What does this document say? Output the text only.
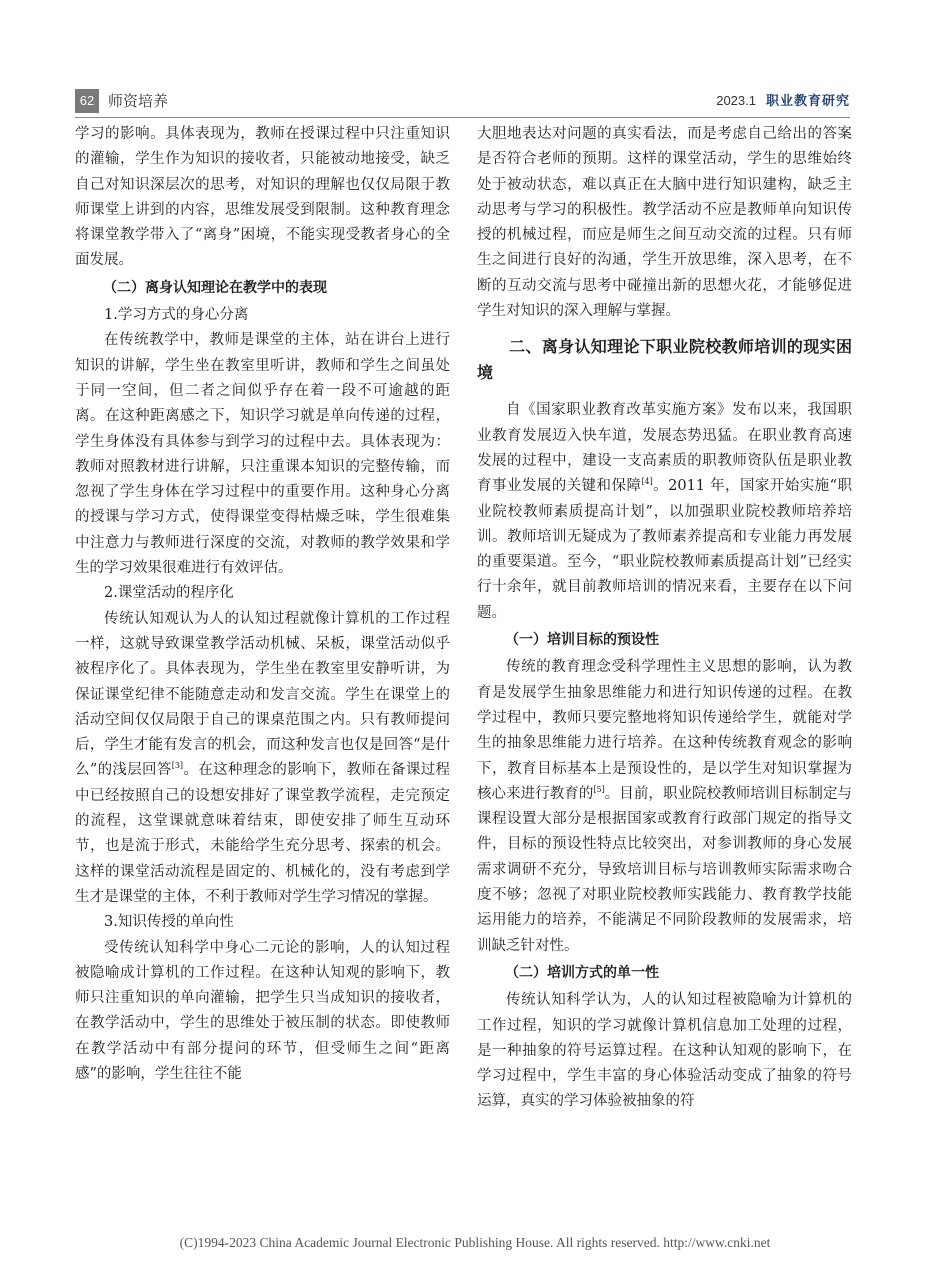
62 师资培养	2023.1 职业教育研究

学习的影响。具体表现为，教师在授课过程中只注重知识的灌输，学生作为知识的接收者，只能被动地接受，缺乏自己对知识深层次的思考，对知识的理解也仅仅局限于教师课堂上讲到的内容，思维发展受到限制。这种教育理念将课堂教学带入了“离身”困境，不能实现受教者身心的全面发展。

（二）离身认知理论在教学中的表现
1.学习方式的身心分离

在传统教学中，教师是课堂的主体，站在讲台上进行知识的讲解，学生坐在教室里听讲，教师和学生之间虽处于同一空间，但二者之间似乎存在着一段不可逾越的距离。在这种距离感之下，知识学习就是单向传递的过程，学生身体没有具体参与到学习的过程中去。具体表现为：教师对照教材进行讲解，只注重课本知识的完整传输，而忽视了学生身体在学习过程中的重要作用。这种身心分离的授课与学习方式，使得课堂变得枯燥乏味，学生很难集中注意力与教师进行深度的交流，对教师的教学效果和学生的学习效果很难进行有效评估。

2.课堂活动的程序化

传统认知观认为人的认知过程就像计算机的工作过程一样，这就导致课堂教学活动机械、呆板，课堂活动似乎被程序化了。具体表现为，学生坐在教室里安静听讲，为保证课堂纪律不能随意走动和发言交流。学生在课堂上的活动空间仅仅局限于自己的课桌范围之内。只有教师提问后，学生才能有发言的机会，而这种发言也仅是回答“是什么”的浅层回答[3]。在这种理念的影响下，教师在备课过程中已经按照自己的设想安排好了课堂教学流程，走完预定的流程，这堂课就意味着结束，即使安排了师生互动环节，也是流于形式，未能给学生充分思考、探索的机会。这样的课堂活动流程是固定的、机械化的，没有考虑到学生才是课堂的主体，不利于教师对学生学习情况的掌握。

3.知识传授的单向性

受传统认知科学中身心二元论的影响，人的认知过程被隐喻成计算机的工作过程。在这种认知观的影响下，教师只注重知识的单向灌输，把学生只当成知识的接收者，在教学活动中，学生的思维处于被压制的状态。即使教师在教学活动中有部分提问的环节，但受师生之间“距离感”的影响，学生往往不能

大胆地表达对问题的真实看法，而是考虑自己给出的答案是否符合老师的预期。这样的课堂活动，学生的思维始终处于被动状态，难以真正在大脑中进行知识建构，缺乏主动思考与学习的积极性。教学活动不应是教师单向知识传授的机械过程，而应是师生之间互动交流的过程。只有师生之间进行良好的沟通，学生开放思维，深入思考，在不断的互动交流与思考中碰撞出新的思想火花，才能够促进学生对知识的深入理解与掌握。

二、离身认知理论下职业院校教师培训的现实困境

自《国家职业教育改革实施方案》发布以来，我国职业教育发展迈入快车道，发展态势迅猛。在职业教育高速发展的过程中，建设一支高素质的职教师资队伍是职业教育事业发展的关键和保障[4]。2011 年，国家开始实施“职业院校教师素质提高计划”，以加强职业院校教师培养培训。教师培训无疑成为了教师素养提高和专业能力再发展的重要渠道。至今，“职业院校教师素质提高计划”已经实行十余年，就目前教师培训的情况来看，主要存在以下问题。

（一）培训目标的预设性

传统的教育理念受科学理性主义思想的影响，认为教育是发展学生抽象思维能力和进行知识传递的过程。在教学过程中，教师只要完整地将知识传递给学生，就能对学生的抽象思维能力进行培养。在这种传统教育观念的影响下，教育目标基本上是预设性的，是以学生对知识掌握为核心来进行教育的[5]。目前，职业院校教师培训目标制定与课程设置大部分是根据国家或教育行政部门规定的指导文件，目标的预设性特点比较突出，对参训教师的身心发展需求调研不充分，导致培训目标与培训教师实际需求吻合度不够；忽视了对职业院校教师实践能力、教育教学技能运用能力的培养，不能满足不同阶段教师的发展需求，培训缺乏针对性。

（二）培训方式的单一性

传统认知科学认为，人的认知过程被隐喻为计算机的工作过程，知识的学习就像计算机信息加工处理的过程，是一种抽象的符号运算过程。在这种认知观的影响下，在学习过程中，学生丰富的身心体验活动变成了抽象的符号运算，真实的学习体验被抽象的符

(C)1994-2023 China Academic Journal Electronic Publishing House. All rights reserved. http://www.cnki.net
